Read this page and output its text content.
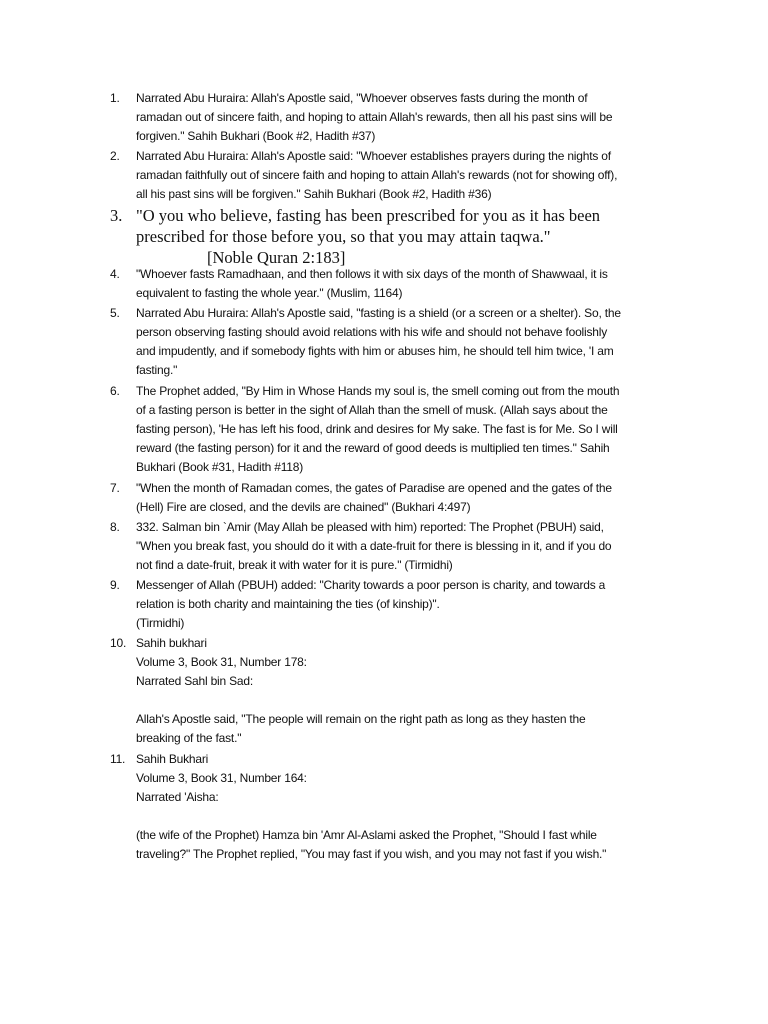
1.	Narrated Abu Huraira: Allah's Apostle said, "Whoever observes fasts during the month of
ramadan out of sincere faith, and hoping to attain Allah's rewards, then all his past sins will be
forgiven." Sahih Bukhari (Book #2, Hadith #37)
2.	Narrated Abu Huraira: Allah's Apostle said: "Whoever establishes prayers during the nights of
ramadan faithfully out of sincere faith and hoping to attain Allah's rewards (not for showing off),
all his past sins will be forgiven." Sahih Bukhari (Book #2, Hadith #36)
3. "O you who believe, fasting has been prescribed for you as it has been
prescribed for those before you, so that you may attain taqwa."
[Noble Quran 2:183]
4.	"Whoever fasts Ramadhaan, and then follows it with six days of the month of Shawwaal, it is
equivalent to fasting the whole year." (Muslim, 1164)
5.	Narrated Abu Huraira: Allah's Apostle said, "fasting is a shield (or a screen or a shelter). So, the
person observing fasting should avoid relations with his wife and should not behave foolishly
and impudently, and if somebody fights with him or abuses him, he should tell him twice, 'I am
fasting."
6.	The Prophet added, "By Him in Whose Hands my soul is, the smell coming out from the mouth
of a fasting person is better in the sight of Allah than the smell of musk. (Allah says about the
fasting person), 'He has left his food, drink and desires for My sake. The fast is for Me. So I will
reward (the fasting person) for it and the reward of good deeds is multiplied ten times." Sahih
Bukhari (Book #31, Hadith #118)
7.	"When the month of Ramadan comes, the gates of Paradise are opened and the gates of the
(Hell) Fire are closed, and the devils are chained" (Bukhari 4:497)
8.	332. Salman bin `Amir (May Allah be pleased with him) reported: The Prophet (PBUH) said,
"When you break fast, you should do it with a date-fruit for there is blessing in it, and if you do
not find a date-fruit, break it with water for it is pure." (Tirmidhi)
9.	Messenger of Allah (PBUH) added: "Charity towards a poor person is charity, and towards a
relation is both charity and maintaining the ties (of kinship)".
(Tirmidhi)
10. Sahih bukhari
Volume 3, Book 31, Number 178:
Narrated Sahl bin Sad:
Allah's Apostle said, "The people will remain on the right path as long as they hasten the
breaking of the fast."
11. Sahih Bukhari
Volume 3, Book 31, Number 164:
Narrated 'Aisha:
(the wife of the Prophet) Hamza bin 'Amr Al-Aslami asked the Prophet, "Should I fast while
traveling?" The Prophet replied, "You may fast if you wish, and you may not fast if you wish."
